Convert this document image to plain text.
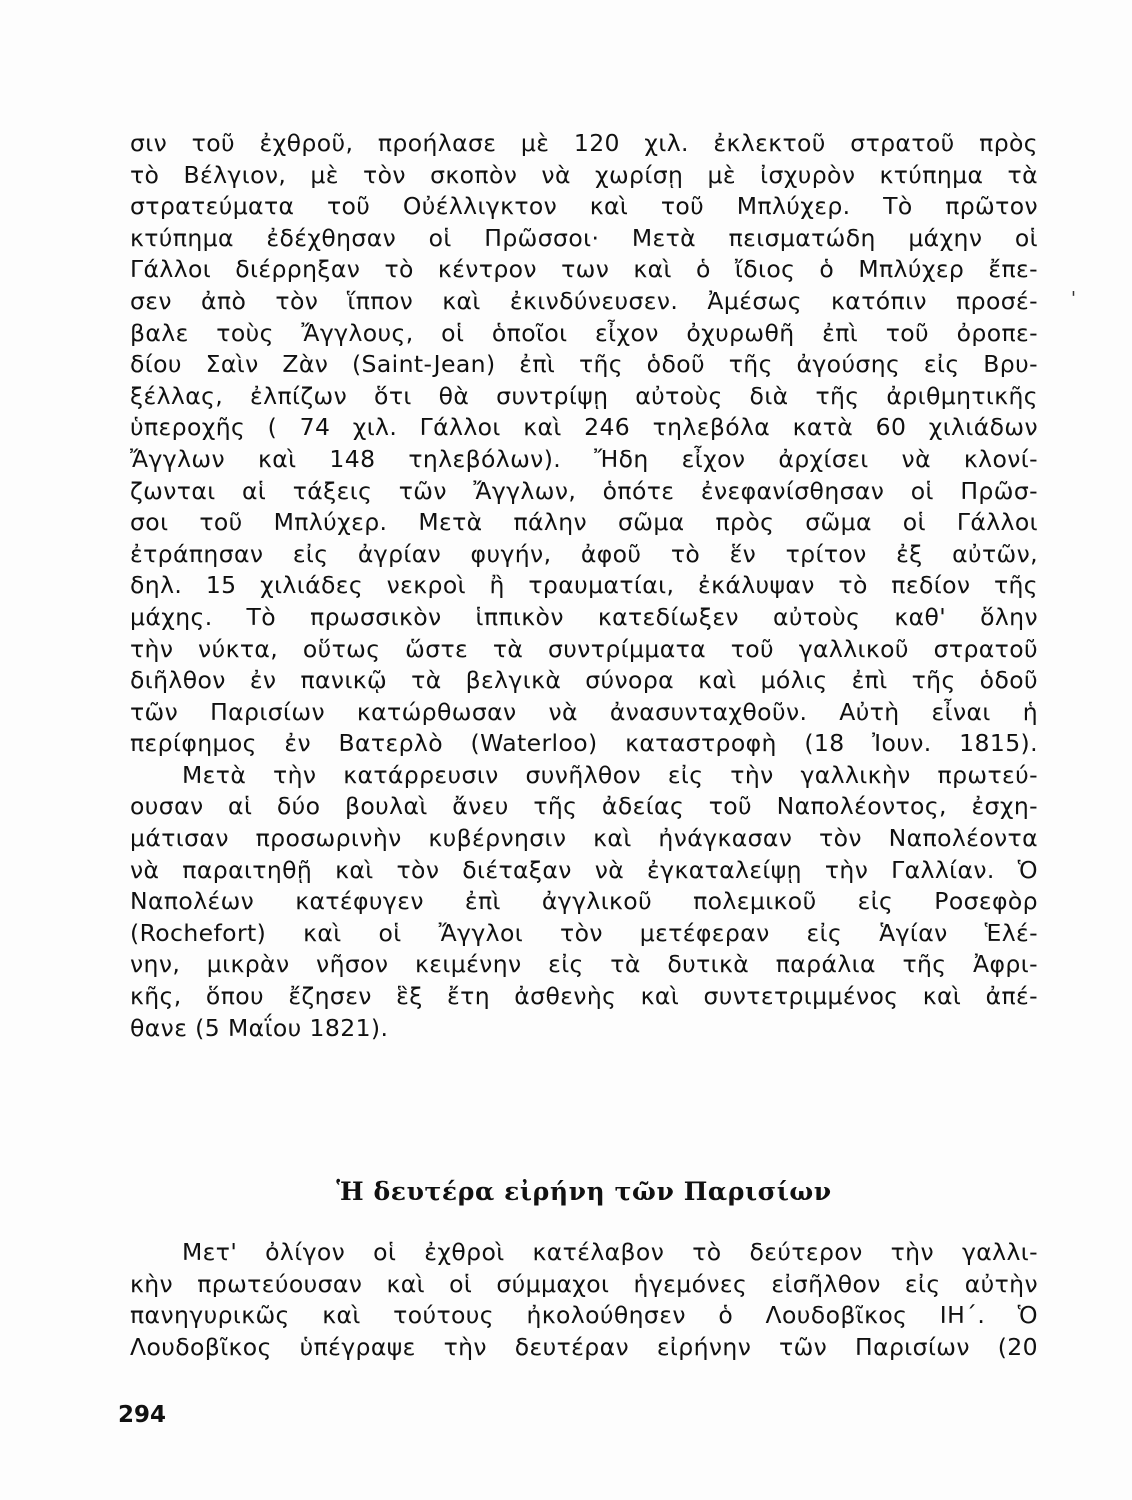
σιν τοῦ ἐχθροῦ, προήλασε μὲ 120 χιλ. ἐκλεκτοῦ στρατοῦ πρὸς
τὸ Βέλγιον, μὲ τὸν σκοπὸν νὰ χωρίσῃ μὲ ἰσχυρὸν κτύπημα τὰ
στρατεύματα τοῦ Οὐέλλιγκτον καὶ τοῦ Μπλύχερ. Τὸ πρῶτον
κτύπημα ἐδέχθησαν οἱ Πρῶσσοι· Μετὰ πεισματώδη μάχην οἱ
Γάλλοι διέρρηξαν τὸ κέντρον των καὶ ὁ ἴδιος ὁ Μπλύχερ ἔπε-
σεν ἀπὸ τὸν ἵππον καὶ ἐκινδύνευσεν. Ἀμέσως κατόπιν προσέ-
βαλε τοὺς Ἄγγλους, οἱ ὁποῖοι εἶχον ὀχυρωθῆ ἐπὶ τοῦ ὀροπε-
δίου Σαὶν Ζὰν (Saint-Jean) ἐπὶ τῆς ὁδοῦ τῆς ἀγούσης εἰς Βρυ-
ξέλλας, ἐλπίζων ὅτι θὰ συντρίψῃ αὐτοὺς διὰ τῆς ἀριθμητικῆς
ὑπεροχῆς ( 74 χιλ. Γάλλοι καὶ 246 τηλεβόλα κατὰ 60 χιλιάδων
Ἄγγλων καὶ 148 τηλεβόλων). Ἤδη εἶχον ἀρχίσει νὰ κλονί-
ζωνται αἱ τάξεις τῶν Ἄγγλων, ὁπότε ἐνεφανίσθησαν οἱ Πρῶσ-
σοι τοῦ Μπλύχερ. Μετὰ πάλην σῶμα πρὸς σῶμα οἱ Γάλλοι
ἐτράπησαν εἰς ἀγρίαν φυγήν, ἀφοῦ τὸ ἕν τρίτον ἐξ αὐτῶν,
δηλ. 15 χιλιάδες νεκροὶ ἢ τραυματίαι, ἐκάλυψαν τὸ πεδίον τῆς
μάχης. Τὸ πρωσσικὸν ἱππικὸν κατεδίωξεν αὐτοὺς καθ' ὅλην
τὴν νύκτα, οὕτως ὥστε τὰ συντρίμματα τοῦ γαλλικοῦ στρατοῦ
διῆλθον ἐν πανικῷ τὰ βελγικὰ σύνορα καὶ μόλις ἐπὶ τῆς ὁδοῦ
τῶν Παρισίων κατώρθωσαν νὰ ἀνασυνταχθοῦν. Αὐτὴ εἶναι ἡ
περίφημος ἐν Βατερλὸ (Waterloo) καταστροφὴ (18 Ἰουν. 1815).
Μετὰ τὴν κατάρρευσιν συνῆλθον εἰς τὴν γαλλικὴν πρωτεύ-
ουσαν αἱ δύο βουλαὶ ἄνευ τῆς ἀδείας τοῦ Ναπολέοντος, ἐσχη-
μάτισαν προσωρινὴν κυβέρνησιν καὶ ἠνάγκασαν τὸν Ναπολέοντα
νὰ παραιτηθῇ καὶ τὸν διέταξαν νὰ ἐγκαταλείψῃ τὴν Γαλλίαν. Ὁ
Ναπολέων κατέφυγεν ἐπὶ ἀγγλικοῦ πολεμικοῦ εἰς Ροσεφὸρ
(Rochefort) καὶ οἱ Ἄγγλοι τὸν μετέφεραν εἰς Ἁγίαν Ἑλέ-
νην, μικρὰν νῆσον κειμένην εἰς τὰ δυτικὰ παράλια τῆς Ἀφρι-
κῆς, ὅπου ἔζησεν ἓξ ἔτη ἀσθενὴς καὶ συντετριμμένος καὶ ἀπέ-
θανε (5 Μαΐου 1821).
'
Ἡ δευτέρα εἰρήνη τῶν Παρισίων
Μετ' ὀλίγον οἱ ἐχθροὶ κατέλαβον τὸ δεύτερον τὴν γαλλι-
κὴν πρωτεύουσαν καὶ οἱ σύμμαχοι ἡγεμόνες εἰσῆλθον εἰς αὐτὴν
πανηγυρικῶς καὶ τούτους ἠκολούθησεν ὁ Λουδοβῖκος ΙΗ΄. Ὁ
Λουδοβῖκος ὑπέγραψε τὴν δευτέραν εἰρήνην τῶν Παρισίων (20
294
